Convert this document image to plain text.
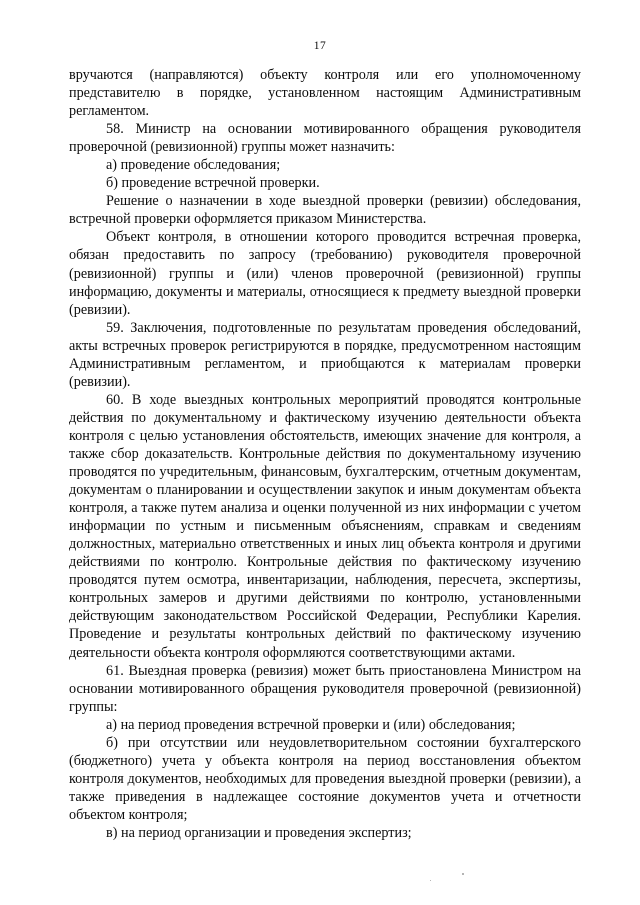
17

вручаются (направляются) объекту контроля или его уполномоченному представителю в порядке, установленном настоящим Административным регламентом.

58. Министр на основании мотивированного обращения руководителя проверочной (ревизионной) группы может назначить:

а) проведение обследования;

б) проведение встречной проверки.

Решение о назначении в ходе выездной проверки (ревизии) обследования, встречной проверки оформляется приказом Министерства.

Объект контроля, в отношении которого проводится встречная проверка, обязан предоставить по запросу (требованию) руководителя проверочной (ревизионной) группы и (или) членов проверочной (ревизионной) группы информацию, документы и материалы, относящиеся к предмету выездной проверки (ревизии).

59. Заключения, подготовленные по результатам проведения обследований, акты встречных проверок регистрируются в порядке, предусмотренном настоящим Административным регламентом, и приобщаются к материалам проверки (ревизии).

60. В ходе выездных контрольных мероприятий проводятся контрольные действия по документальному и фактическому изучению деятельности объекта контроля с целью установления обстоятельств, имеющих значение для контроля, а также сбор доказательств. Контрольные действия по документальному изучению проводятся по учредительным, финансовым, бухгалтерским, отчетным документам, документам о планировании и осуществлении закупок и иным документам объекта контроля, а также путем анализа и оценки полученной из них информации с учетом информации по устным и письменным объяснениям, справкам и сведениям должностных, материально ответственных и иных лиц объекта контроля и другими действиями по контролю. Контрольные действия по фактическому изучению проводятся путем осмотра, инвентаризации, наблюдения, пересчета, экспертизы, контрольных замеров и другими действиями по контролю, установленными действующим законодательством Российской Федерации, Республики Карелия. Проведение и результаты контрольных действий по фактическому изучению деятельности объекта контроля оформляются соответствующими актами.

61. Выездная проверка (ревизия) может быть приостановлена Министром на основании мотивированного обращения руководителя проверочной (ревизионной) группы:

а) на период проведения встречной проверки и (или) обследования;

б) при отсутствии или неудовлетворительном состоянии бухгалтерского (бюджетного) учета у объекта контроля на период восстановления объектом контроля документов, необходимых для проведения выездной проверки (ревизии), а также приведения в надлежащее состояние документов учета и отчетности объектом контроля;

в) на период организации и проведения экспертиз;
